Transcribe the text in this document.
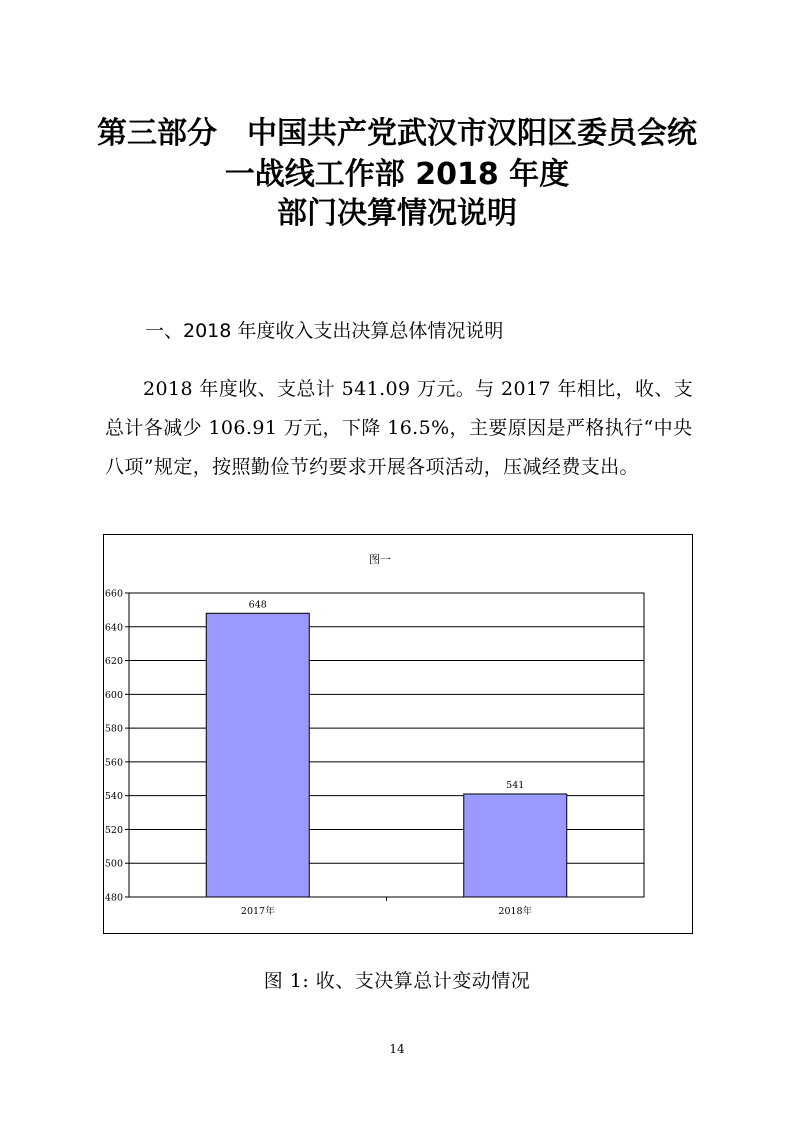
第三部分　中国共产党武汉市汉阳区委员会统
一战线工作部 2018 年度
部门决算情况说明
一、2018 年度收入支出决算总体情况说明
2018 年度收、支总计 541.09 万元。与 2017 年相比，收、支总计各减少 106.91 万元，下降 16.5%，主要原因是严格执行“中央八项”规定，按照勤俭节约要求开展各项活动，压减经费支出。
图一
480
500
520
540
560
580
600
620
640
660
648
541
2017年	2018年
图 1: 收、支决算总计变动情况
14
